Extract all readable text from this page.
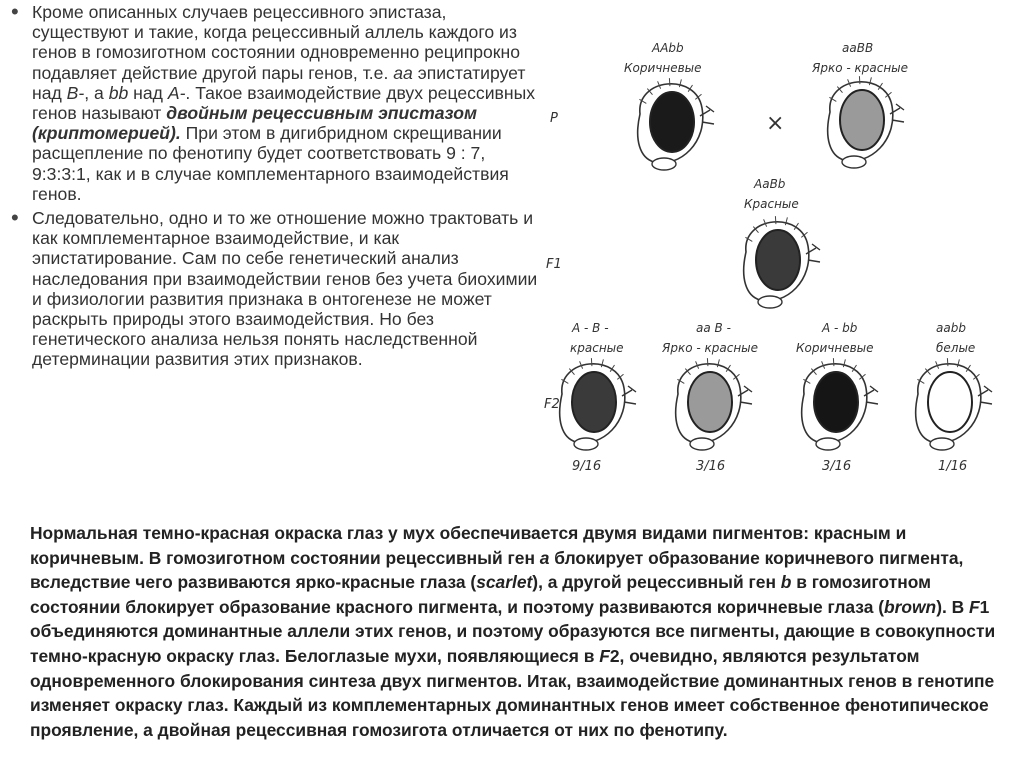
• Кроме описанных случаев рецессивного эпистаза, существуют и такие, когда рецессивный аллель каждого из генов в гомозиготном состоянии одновременно реципрокно подавляет действие другой пары генов, т.е. аа эпистатирует над В-, а bb над А-. Такое взаимодействие двух рецессивных генов называют двойным рецессивным эпистазом (криптомерией). При этом в дигибридном скрещивании расщепление по фенотипу будет соответствовать 9 : 7, 9:3:3:1, как и в случае комплементарного взаимодействия генов.

• Следовательно, одно и то же отношение можно трактовать и как комплементарное взаимодействие, и как эпистатирование. Сам по себе генетический анализ наследования при взаимодействии генов без учета биохимии и физиологии развития признака в онтогенезе не может раскрыть природы этого взаимодействия. Но без генетического анализа нельзя понять наследственной детерминации развития этих признаков.

P
F1
F2
×
AAbb
Коричневые
aaBB
Ярко - красные
AaBb
Красные
A - B -
красные
aa B -
Ярко - красные
A - bb
Коричневые
aabb
белые
9/16	3/16	3/16	1/16

Нормальная темно-красная окраска глаз у мух обеспечивается двумя видами пигментов: красным и коричневым. В гомозиготном состоянии рецессивный ген а блокирует образование коричневого пигмента, вследствие чего развиваются ярко-красные глаза (scarlet), а другой рецессивный ген b в гомозиготном состоянии блокирует образование красного пигмента, и поэтому развиваются коричневые глаза (brown). В F1 объединяются доминантные аллели этих генов, и поэтому образуются все пигменты, дающие в совокупности темно-красную окраску глаз. Белоглазые мухи, появляющиеся в F2, очевидно, являются результатом одновременного блокирования синтеза двух пигментов. Итак, взаимодействие доминантных генов в генотипе изменяет окраску глаз. Каждый из комплементарных доминантных генов имеет собственное фенотипическое проявление, а двойная рецессивная гомозигота отличается от них по фенотипу.
